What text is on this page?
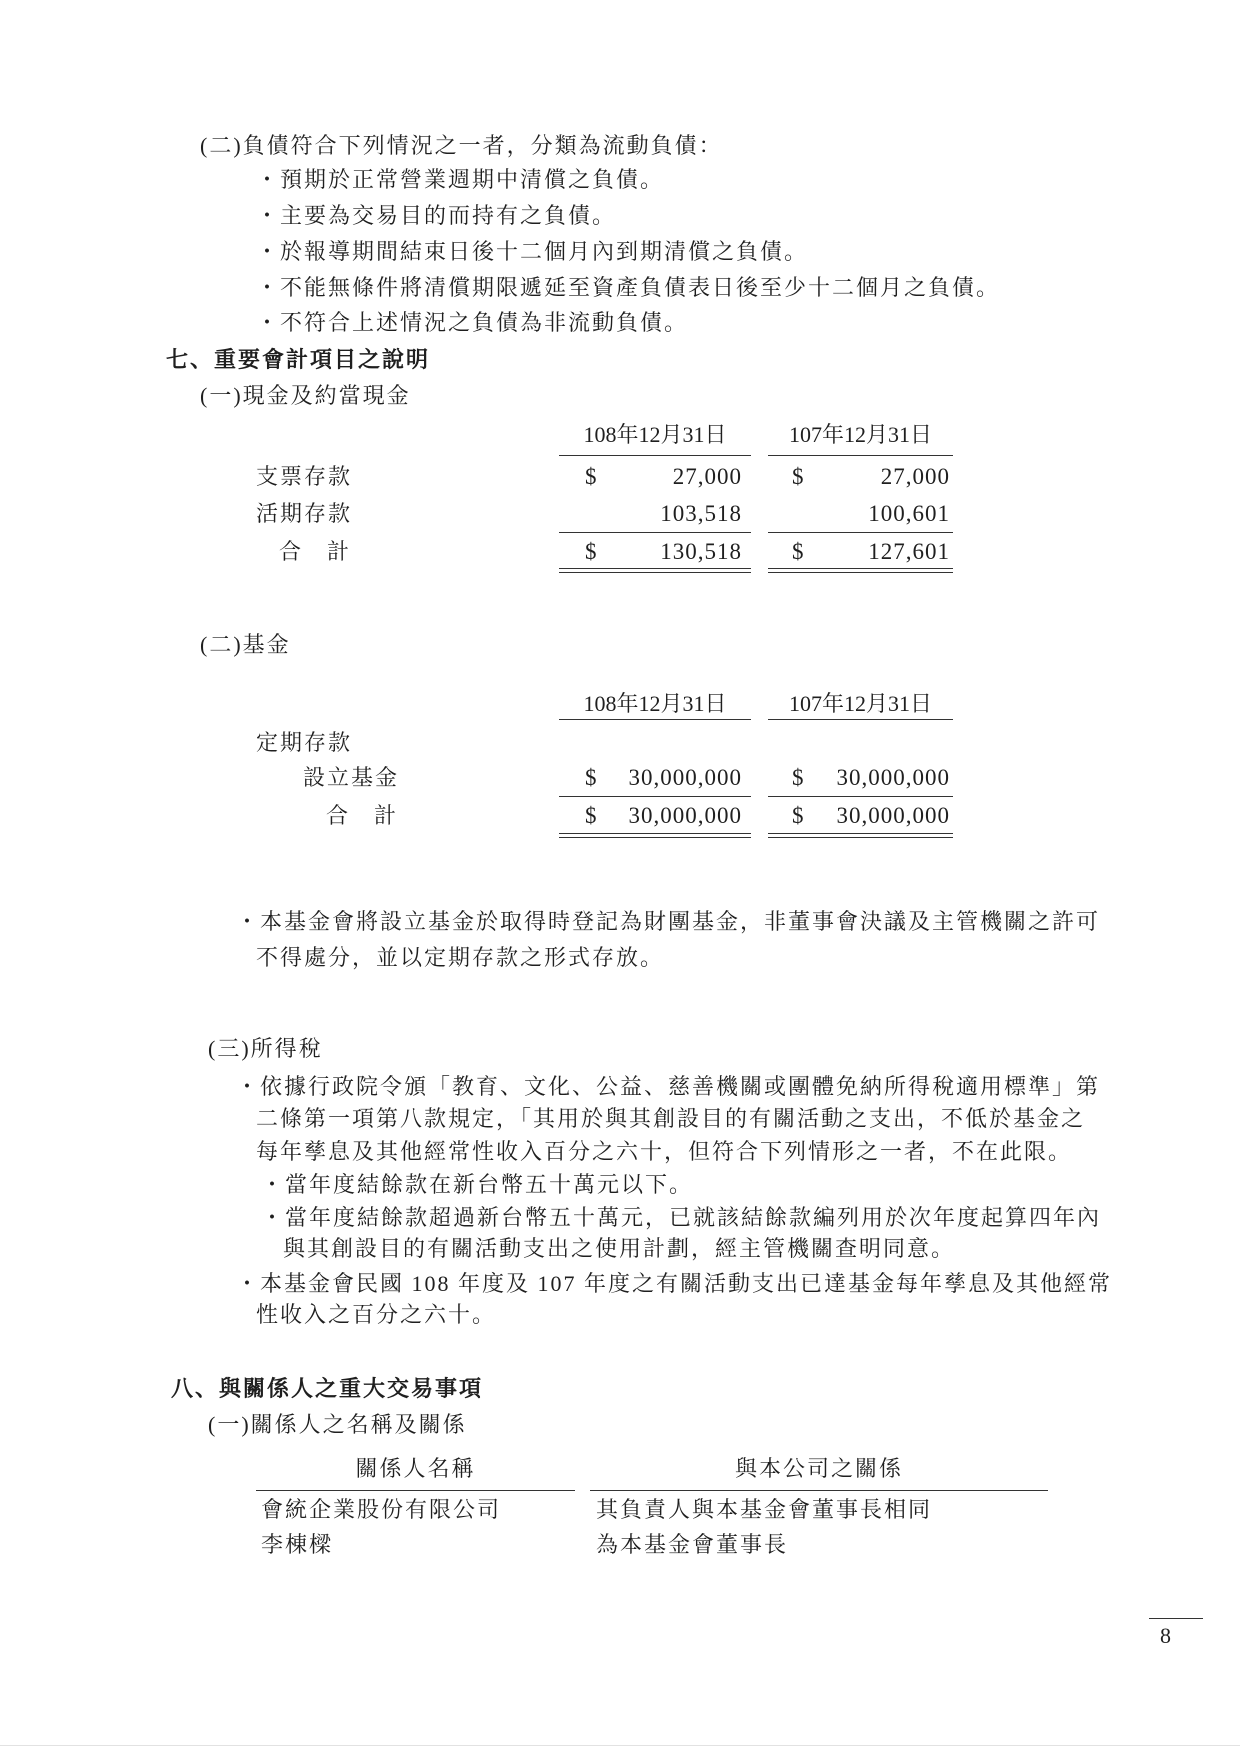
(二)負債符合下列情況之一者，分類為流動負債：
・預期於正常營業週期中清償之負債。
・主要為交易目的而持有之負債。
・於報導期間結束日後十二個月內到期清償之負債。
・不能無條件將清償期限遞延至資產負債表日後至少十二個月之負債。
・不符合上述情況之負債為非流動負債。
七、重要會計項目之說明
(一)現金及約當現金
108年12月31日	107年12月31日
支票存款	$	27,000 $	27,000
活期存款	103,518	100,601
合　計	$	130,518 $	127,601
(二)基金
108年12月31日	107年12月31日
定期存款
設立基金	$	30,000,000 $	30,000,000
合　計	$	30,000,000 $	30,000,000
・本基金會將設立基金於取得時登記為財團基金，非董事會決議及主管機關之許可
不得處分，並以定期存款之形式存放。
(三)所得稅
・依據行政院令頒「教育、文化、公益、慈善機關或團體免納所得稅適用標準」第
二條第一項第八款規定，「其用於與其創設目的有關活動之支出，不低於基金之
每年孳息及其他經常性收入百分之六十，但符合下列情形之一者，不在此限。
・當年度結餘款在新台幣五十萬元以下。
・當年度結餘款超過新台幣五十萬元，已就該結餘款編列用於次年度起算四年內
與其創設目的有關活動支出之使用計劃，經主管機關查明同意。
・本基金會民國 108 年度及 107 年度之有關活動支出已達基金每年孳息及其他經常
性收入之百分之六十。
八、與關係人之重大交易事項
(一)關係人之名稱及關係
關係人名稱	與本公司之關係
會統企業股份有限公司	其負責人與本基金會董事長相同
李棟樑	為本基金會董事長
8
